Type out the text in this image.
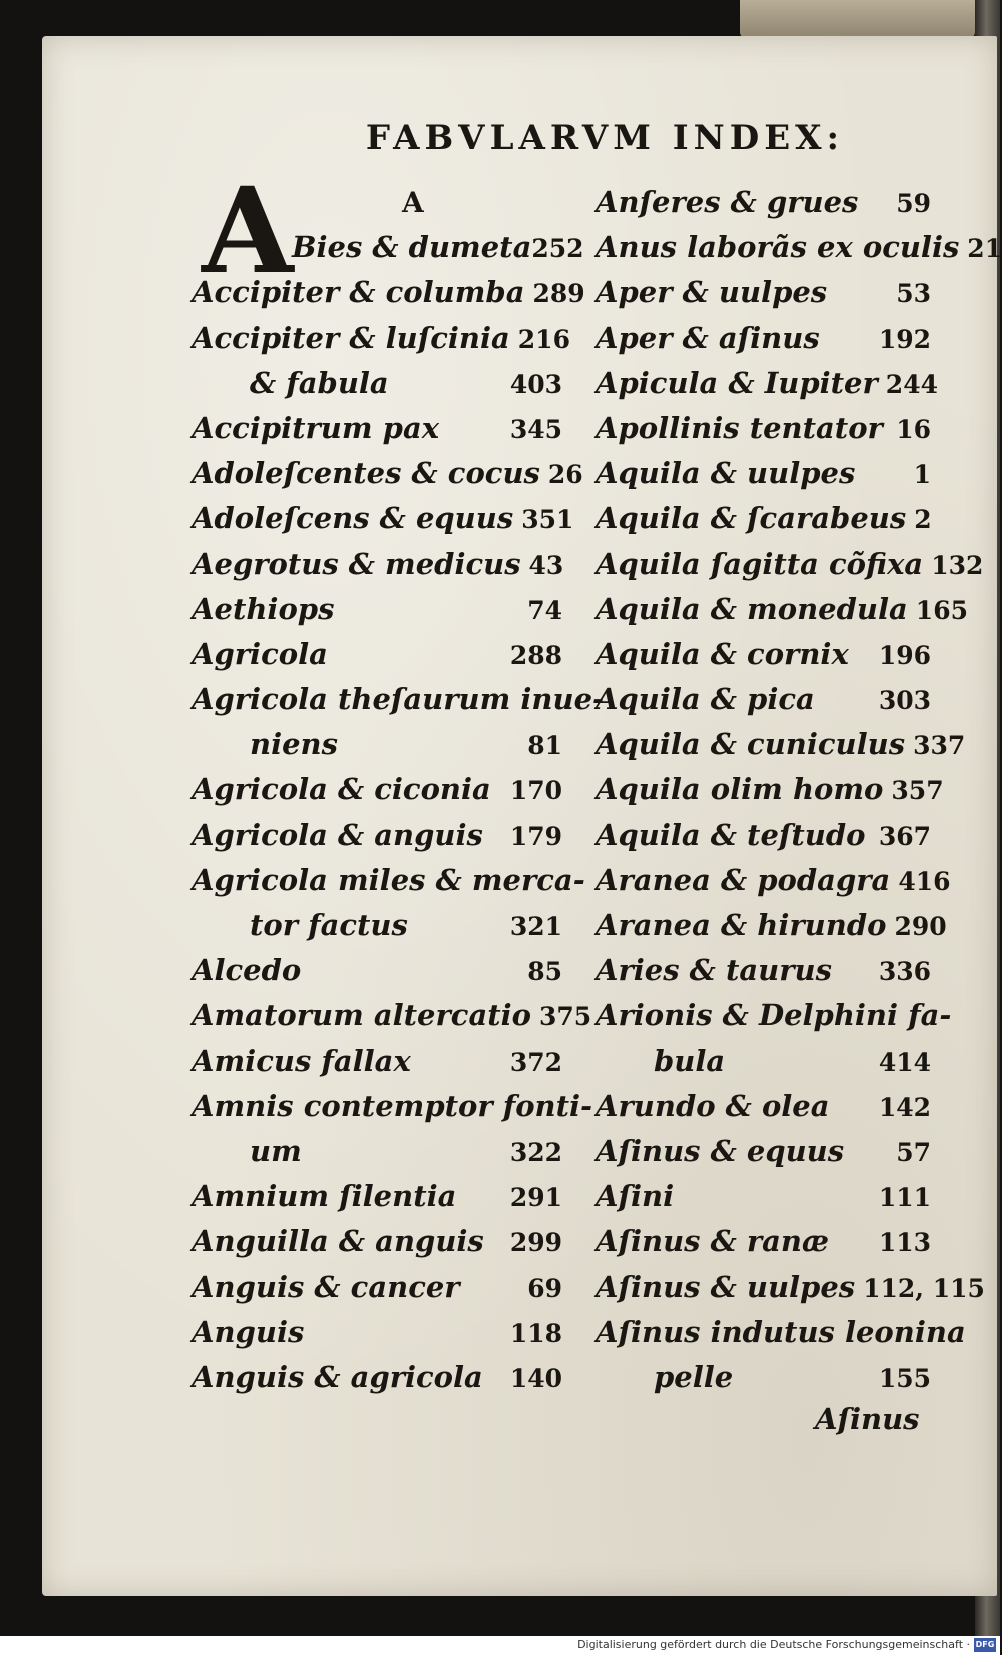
FABVLARVM INDEX:
A	A
Bies & dumeta 252
Accipiter & columba 289
Accipiter & luſcinia 216
& fabula	403
Accipitrum pax	345
Adoleſcentes & cocus 26
Adoleſcens & equus 351
Aegrotus & medicus 43
Aethiops	74
Agricola	288
Agricola theſaurum inue-
niens	81
Agricola & ciconia 170
Agricola & anguis 179
Agricola miles & merca-
tor factus	321
Alcedo	85
Amatorum altercatio 375
Amicus fallax	372
Amnis contemptor fonti-
um	322
Amnium ſilentia 291
Anguilla & anguis 299
Anguis & cancer	69
Anguis	118
Anguis & agricola 140
Anſeres & grues 59
Anus laborãs ex oculis 21
Aper & uulpes	53
Aper & aſinus 192
Apicula & Iupiter 244
Apollinis tentator 16
Aquila & uulpes 1
Aquila & ſcarabeus 2
Aquila ſagitta cõfixa 132
Aquila & monedula 165
Aquila & cornix 196
Aquila & pica	303
Aquila & cuniculus 337
Aquila olim homo 357
Aquila & teſtudo 367
Aranea & podagra 416
Aranea & hirundo 290
Aries & taurus 336
Arionis & Delphini fa-
bula	414
Arundo & olea 142
Aſinus & equus 57
Aſini	111
Aſinus & ranæ 113
Aſinus & uulpes 112, 115
Aſinus indutus leonina
pelle	155
Aſinus
Digitalisierung gefördert durch die Deutsche Forschungsgemeinschaft · DFG
